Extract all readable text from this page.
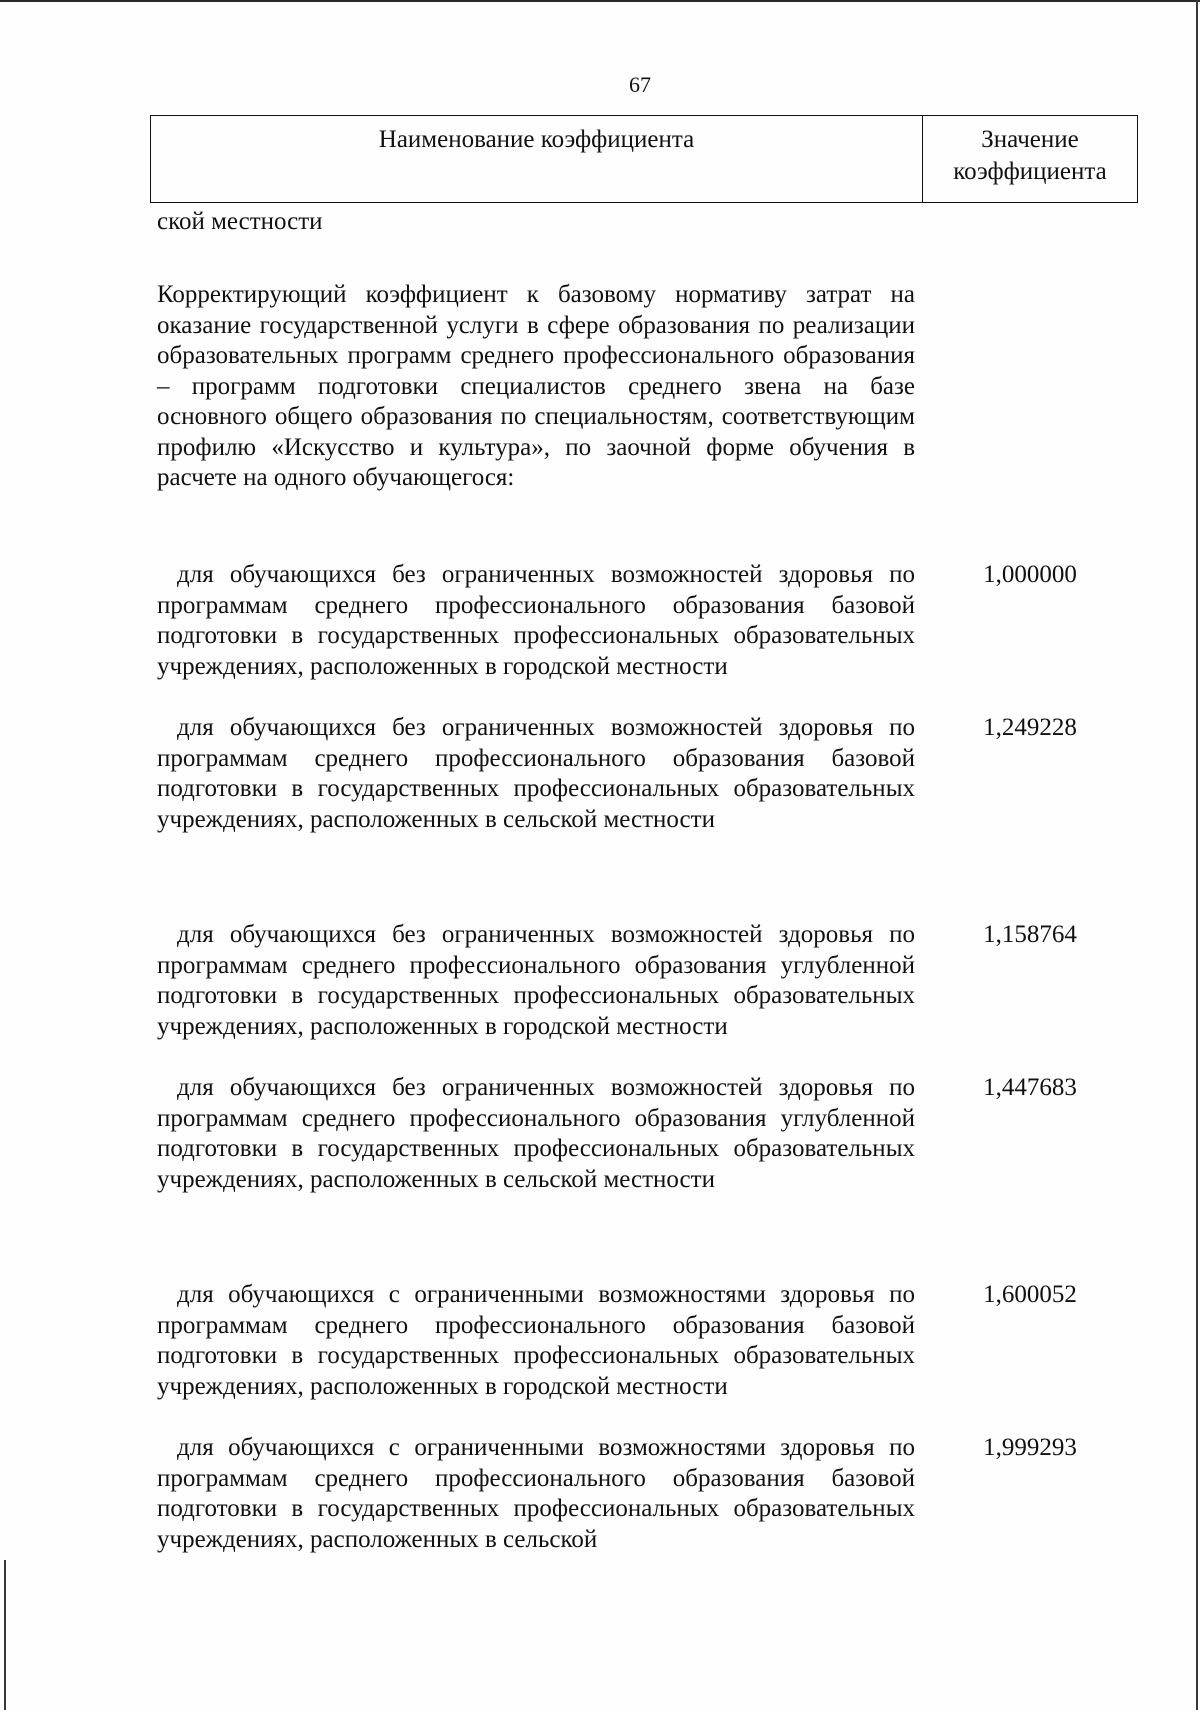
67
Наименование коэффициента	Значение
коэффициента
ской местности
Корректирующий коэффициент к базовому нормативу затрат на оказание государственной услуги в сфере образования по реализации образовательных программ среднего профессионального образования – программ подготовки специалистов среднего звена на базе основного общего образования по специальностям, соответствующим профилю «Искусство и культура», по заочной форме обучения в расчете на одного обучающегося:
для обучающихся без ограниченных возможностей здоровья по программам среднего профессионального образования базовой подготовки в государственных профессиональных образовательных учреждениях, расположенных в городской местности
1,000000
для обучающихся без ограниченных возможностей здоровья по программам среднего профессионального образования базовой подготовки в государственных профессиональных образовательных учреждениях, расположенных в сельской местности
1,249228
для обучающихся без ограниченных возможностей здоровья по программам среднего профессионального образования углубленной подготовки в государственных профессиональных образовательных учреждениях, расположенных в городской местности
1,158764
для обучающихся без ограниченных возможностей здоровья по программам среднего профессионального образования углубленной подготовки в государственных профессиональных образовательных учреждениях, расположенных в сельской местности
1,447683
для обучающихся с ограниченными возможностями здоровья по программам среднего профессионального образования базовой подготовки в государственных профессиональных образовательных учреждениях, расположенных в городской местности
1,600052
для обучающихся с ограниченными возможностями здоровья по программам среднего профессионального образования базовой подготовки в государственных профессиональных образовательных учреждениях, расположенных в сельской
1,999293
